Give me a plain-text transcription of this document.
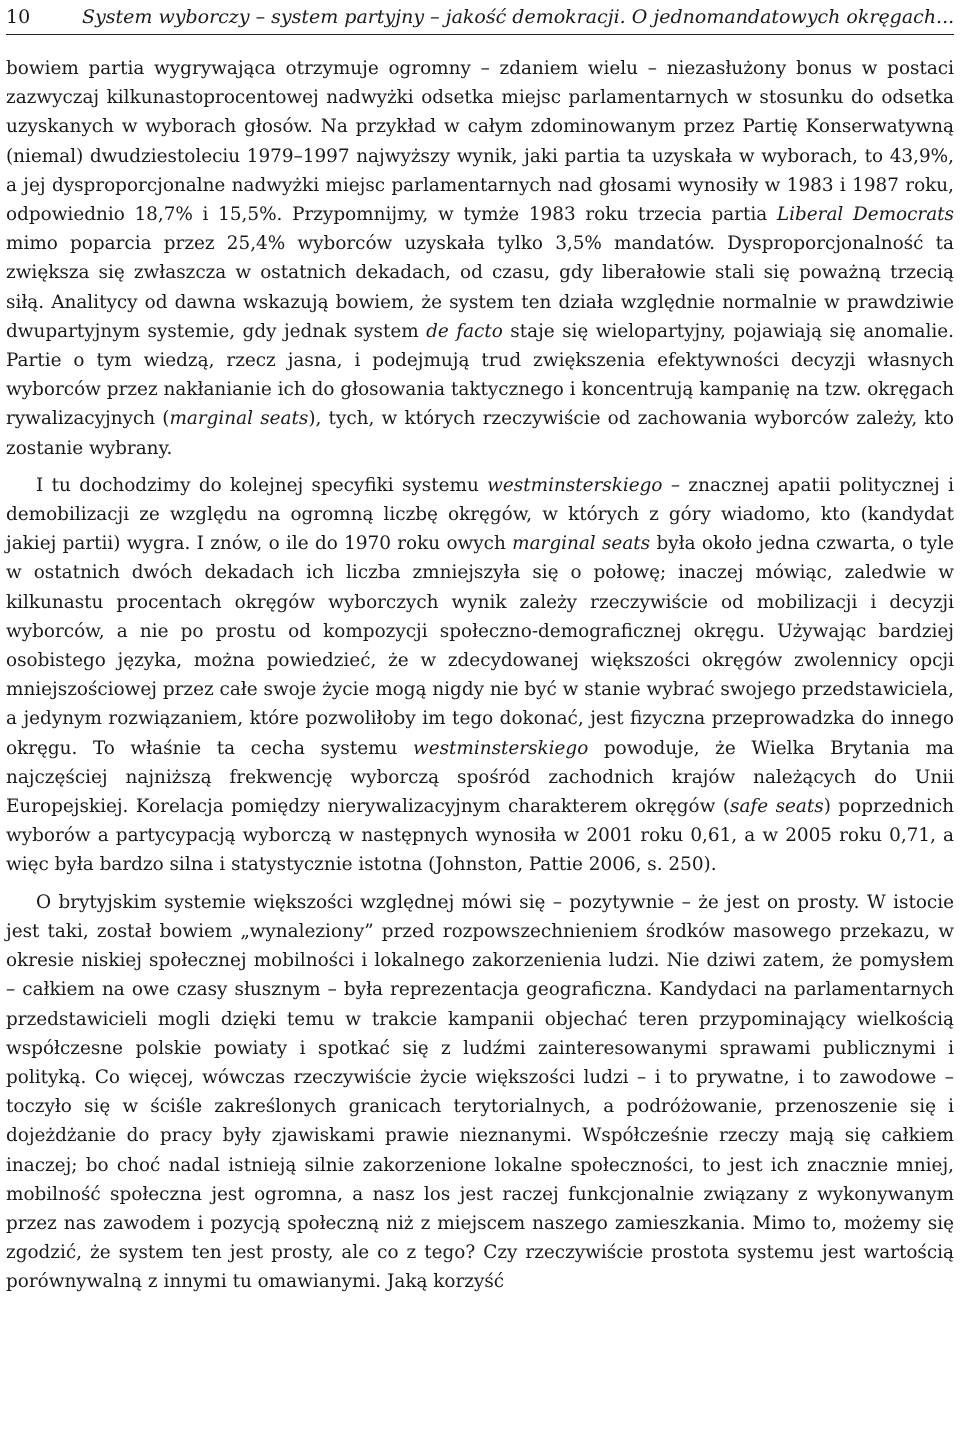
10	System wyborczy – system partyjny – jakość demokracji. O jednomandatowych okręgach...

bowiem partia wygrywająca otrzymuje ogromny – zdaniem wielu – niezasłużony bonus w postaci zazwyczaj kilkunastoprocentowej nadwyżki odsetka miejsc parlamentarnych w stosunku do odsetka uzyskanych w wyborach głosów. Na przykład w całym zdominowanym przez Partię Konserwatywną (niemal) dwudziestoleciu 1979–1997 najwyższy wynik, jaki partia ta uzyskała w wyborach, to 43,9%, a jej dysproporcjonalne nadwyżki miejsc parlamentarnych nad głosami wynosiły w 1983 i 1987 roku, odpowiednio 18,7% i 15,5%. Przypomnijmy, w tymże 1983 roku trzecia partia Liberal Democrats mimo poparcia przez 25,4% wyborców uzyskała tylko 3,5% mandatów. Dysproporcjonalność ta zwiększa się zwłaszcza w ostatnich dekadach, od czasu, gdy liberałowie stali się poważną trzecią siłą. Analitycy od dawna wskazują bowiem, że system ten działa względnie normalnie w prawdziwie dwupartyjnym systemie, gdy jednak system de facto staje się wielopartyjny, pojawiają się anomalie. Partie o tym wiedzą, rzecz jasna, i podejmują trud zwiększenia efektywności decyzji własnych wyborców przez nakłanianie ich do głosowania taktycznego i koncentrują kampanię na tzw. okręgach rywalizacyjnych (marginal seats), tych, w których rzeczywiście od zachowania wyborców zależy, kto zostanie wybrany.

I tu dochodzimy do kolejnej specyfiki systemu westminsterskiego – znacznej apatii politycznej i demobilizacji ze względu na ogromną liczbę okręgów, w których z góry wiadomo, kto (kandydat jakiej partii) wygra. I znów, o ile do 1970 roku owych marginal seats była około jedna czwarta, o tyle w ostatnich dwóch dekadach ich liczba zmniejszyła się o połowę; inaczej mówiąc, zaledwie w kilkunastu procentach okręgów wyborczych wynik zależy rzeczywiście od mobilizacji i decyzji wyborców, a nie po prostu od kompozycji społeczno-demograficznej okręgu. Używając bardziej osobistego języka, można powiedzieć, że w zdecydowanej większości okręgów zwolennicy opcji mniejszościowej przez całe swoje życie mogą nigdy nie być w stanie wybrać swojego przedstawiciela, a jedynym rozwiązaniem, które pozwoliłoby im tego dokonać, jest fizyczna przeprowadzka do innego okręgu. To właśnie ta cecha systemu westminsterskiego powoduje, że Wielka Brytania ma najczęściej najniższą frekwencję wyborczą spośród zachodnich krajów należących do Unii Europejskiej. Korelacja pomiędzy nierywalizacyjnym charakterem okręgów (safe seats) poprzednich wyborów a partycypacją wyborczą w następnych wynosiła w 2001 roku 0,61, a w 2005 roku 0,71, a więc była bardzo silna i statystycznie istotna (Johnston, Pattie 2006, s. 250).

O brytyjskim systemie większości względnej mówi się – pozytywnie – że jest on prosty. W istocie jest taki, został bowiem „wynaleziony” przed rozpowszechnieniem środków masowego przekazu, w okresie niskiej społecznej mobilności i lokalnego zakorzenienia ludzi. Nie dziwi zatem, że pomysłem – całkiem na owe czasy słusznym – była reprezentacja geograficzna. Kandydaci na parlamentarnych przedstawicieli mogli dzięki temu w trakcie kampanii objechać teren przypominający wielkością współczesne polskie powiaty i spotkać się z ludźmi zainteresowanymi sprawami publicznymi i polityką. Co więcej, wówczas rzeczywiście życie większości ludzi – i to prywatne, i to zawodowe – toczyło się w ściśle zakreślonych granicach terytorialnych, a podróżowanie, przenoszenie się i dojeżdżanie do pracy były zjawiskami prawie nieznanymi. Współcześnie rzeczy mają się całkiem inaczej; bo choć nadal istnieją silnie zakorzenione lokalne społeczności, to jest ich znacznie mniej, mobilność społeczna jest ogromna, a nasz los jest raczej funkcjonalnie związany z wykonywanym przez nas zawodem i pozycją społeczną niż z miejscem naszego zamieszkania. Mimo to, możemy się zgodzić, że system ten jest prosty, ale co z tego? Czy rzeczywiście prostota systemu jest wartością porównywalną z innymi tu omawianymi. Jaką korzyść
